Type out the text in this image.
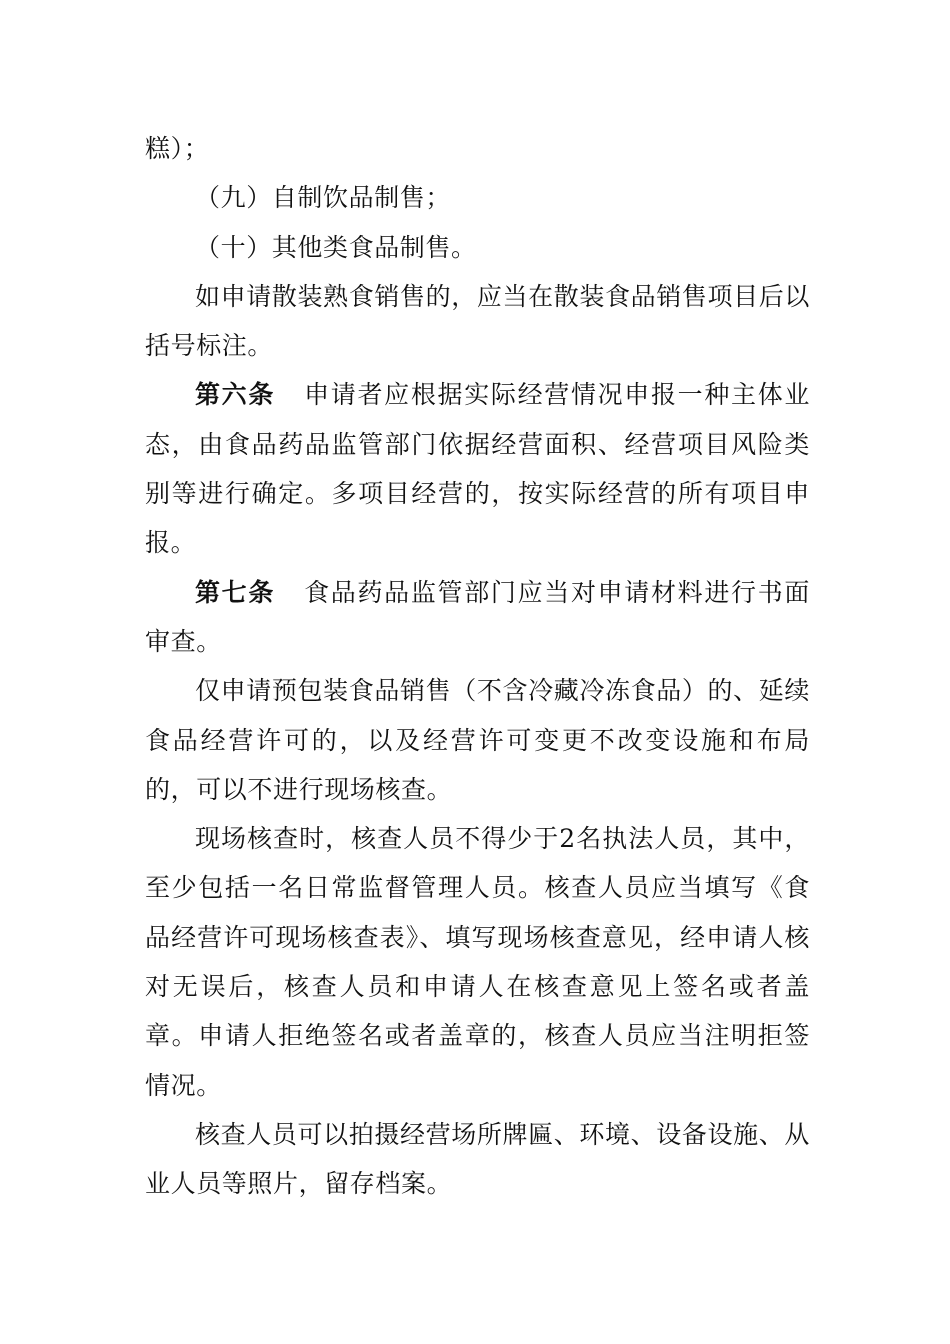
糕）；

（九）自制饮品制售；

（十）其他类食品制售。

如申请散装熟食销售的，应当在散装食品销售项目后以括号标注。

第六条 申请者应根据实际经营情况申报一种主体业态，由食品药品监管部门依据经营面积、经营项目风险类别等进行确定。多项目经营的，按实际经营的所有项目申报。

第七条 食品药品监管部门应当对申请材料进行书面审查。

仅申请预包装食品销售（不含冷藏冷冻食品）的、延续食品经营许可的，以及经营许可变更不改变设施和布局的，可以不进行现场核查。

现场核查时，核查人员不得少于2名执法人员，其中，至少包括一名日常监督管理人员。核查人员应当填写《食品经营许可现场核查表》、填写现场核查意见，经申请人核对无误后，核查人员和申请人在核查意见上签名或者盖章。申请人拒绝签名或者盖章的，核查人员应当注明拒签情况。

核查人员可以拍摄经营场所牌匾、环境、设备设施、从业人员等照片，留存档案。
